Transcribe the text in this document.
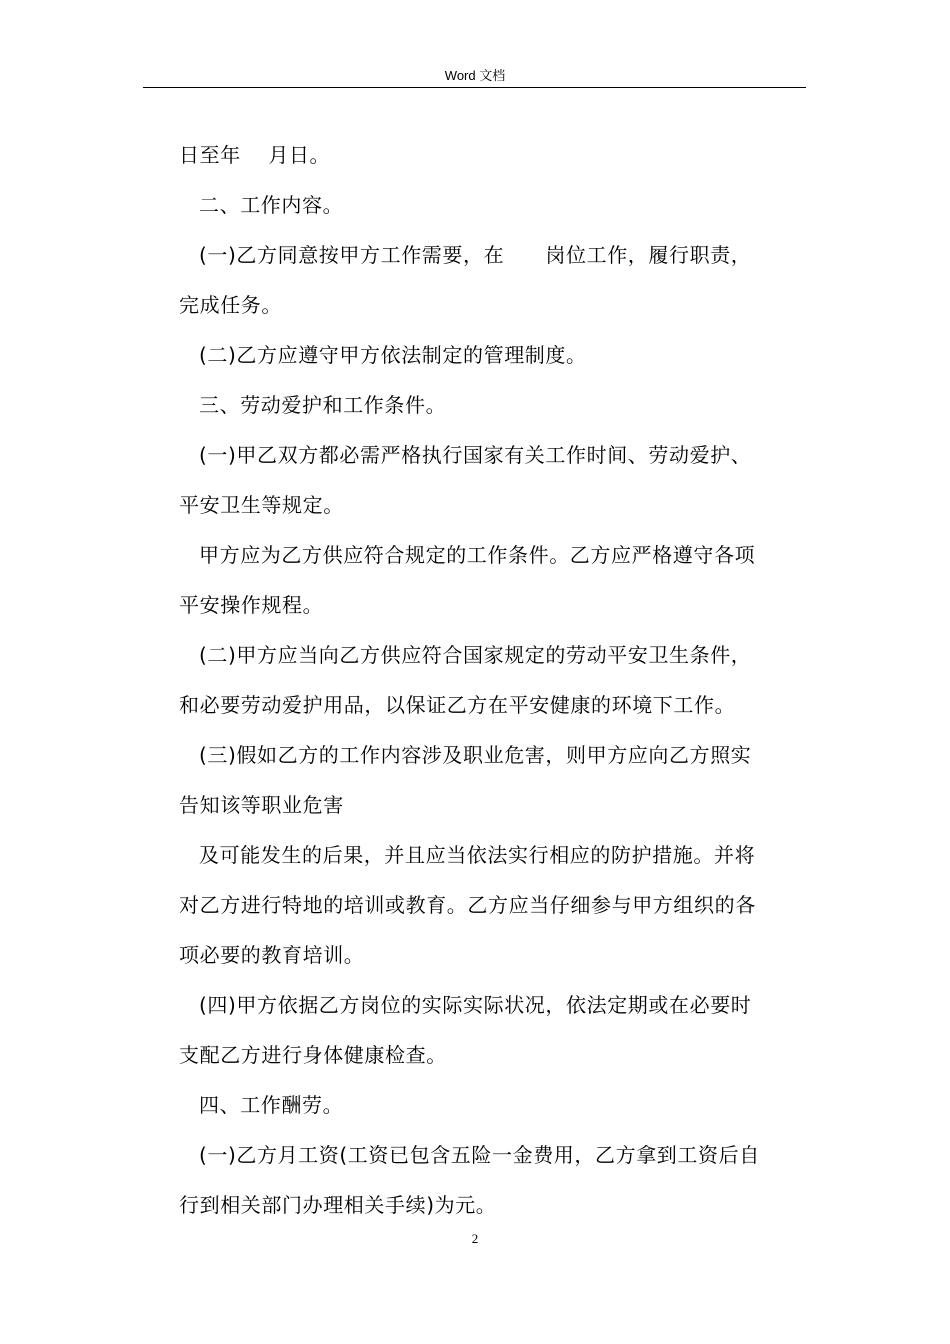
Word 文档
日至年　 月日。
二、工作内容。
(一)乙方同意按甲方工作需要，在　　岗位工作，履行职责，
完成任务。
(二)乙方应遵守甲方依法制定的管理制度。
三、劳动爱护和工作条件。
(一)甲乙双方都必需严格执行国家有关工作时间、劳动爱护、
平安卫生等规定。
甲方应为乙方供应符合规定的工作条件。乙方应严格遵守各项
平安操作规程。
(二)甲方应当向乙方供应符合国家规定的劳动平安卫生条件，
和必要劳动爱护用品，以保证乙方在平安健康的环境下工作。
(三)假如乙方的工作内容涉及职业危害，则甲方应向乙方照实
告知该等职业危害
及可能发生的后果，并且应当依法实行相应的防护措施。并将
对乙方进行特地的培训或教育。乙方应当仔细参与甲方组织的各
项必要的教育培训。
(四)甲方依据乙方岗位的实际实际状况，依法定期或在必要时
支配乙方进行身体健康检查。
四、工作酬劳。
(一)乙方月工资(工资已包含五险一金费用，乙方拿到工资后自
行到相关部门办理相关手续)为元。
2
